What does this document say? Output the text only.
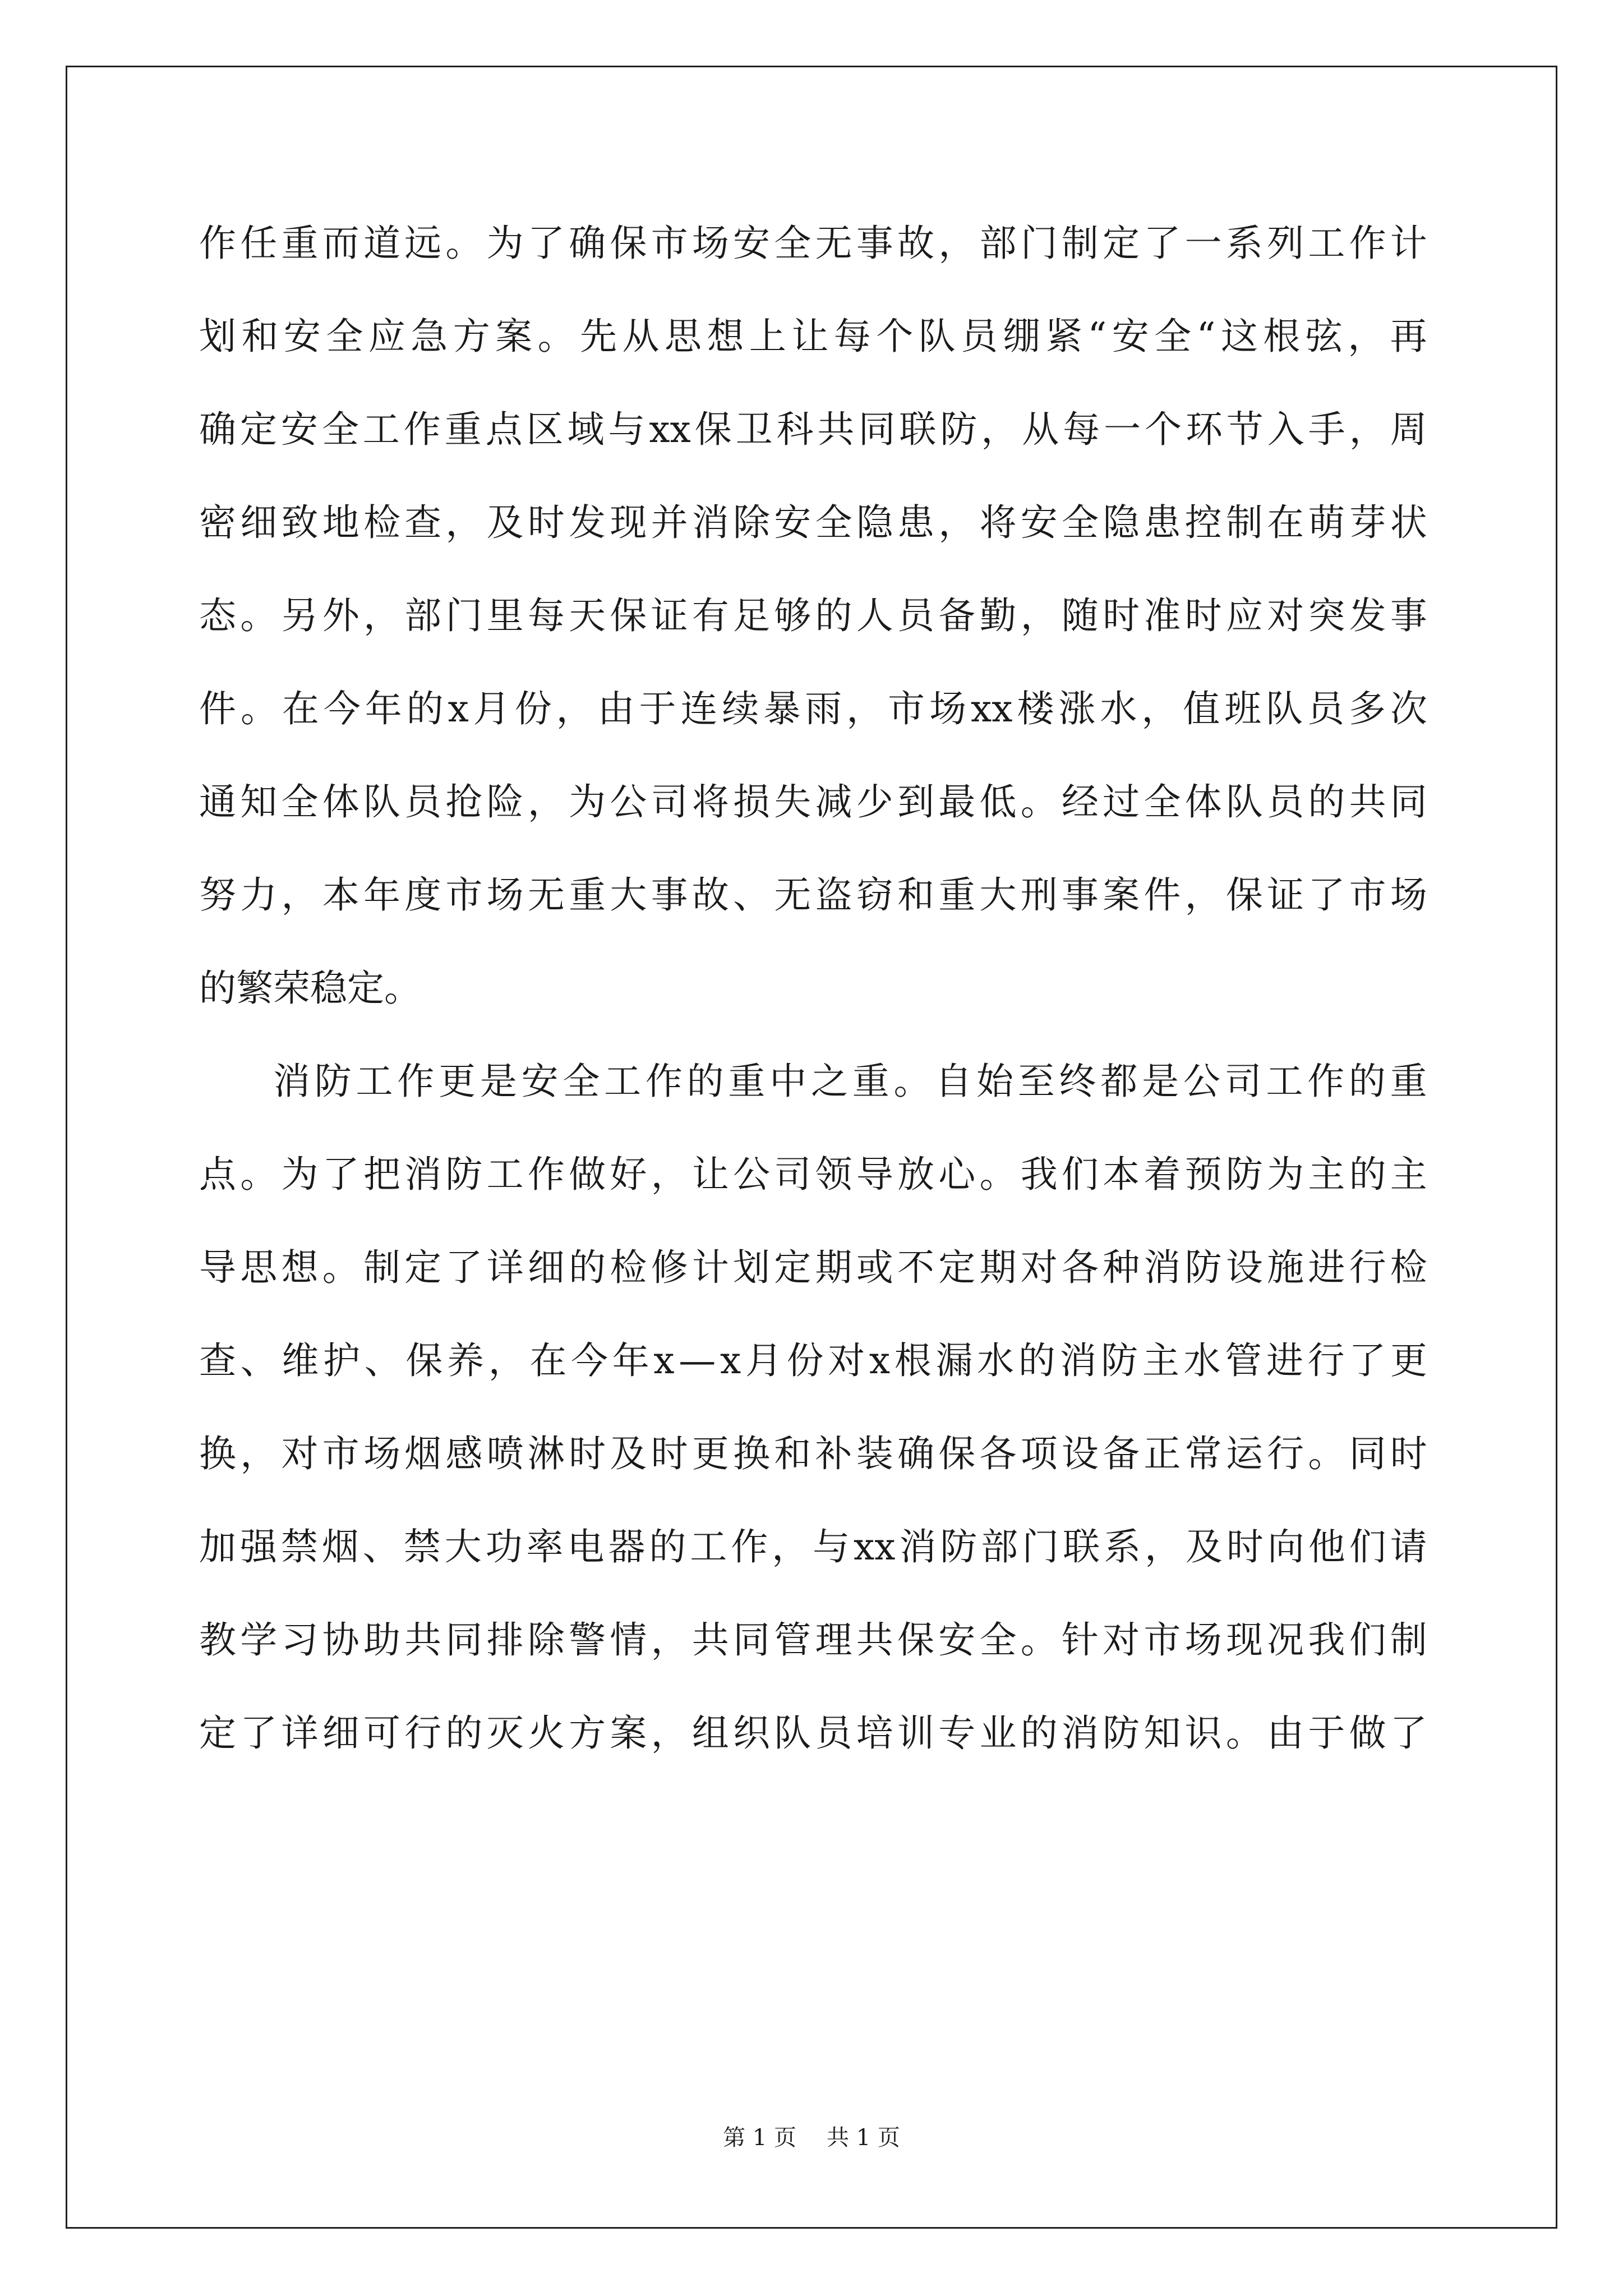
作 任 重 而 道 远 。 为 了 确 保 市 场 安 全 无 事 故 ， 部 门 制 定 了 一 系 列 工 作 计
划 和 安 全 应 急 方 案 。 先 从 思 想 上 让 每 个 队 员 绷 紧 “ 安 全 “ 这 根 弦 ， 再
确 定 安 全 工 作 重 点 区 域 与 xx 保 卫 科 共 同 联 防 ， 从 每 一 个 环 节 入 手 ， 周
密 细 致 地 检 查 ， 及 时 发 现 并 消 除 安 全 隐 患 ， 将 安 全 隐 患 控 制 在 萌 芽 状
态 。 另 外 ， 部 门 里 每 天 保 证 有 足 够 的 人 员 备 勤 ， 随 时 准 时 应 对 突 发 事
件 。 在 今 年 的 x 月 份 ， 由 于 连 续 暴 雨 ， 市 场 xx 楼 涨 水 ， 值 班 队 员 多 次
通 知 全 体 队 员 抢 险 ， 为 公 司 将 损 失 减 少 到 最 低 。 经 过 全 体 队 员 的 共 同
努 力 ， 本 年 度 市 场 无 重 大 事 故 、 无 盗 窃 和 重 大 刑 事 案 件 ， 保 证 了 市 场
的繁荣稳定。
消 防 工 作 更 是 安 全 工 作 的 重 中 之 重 。 自 始 至 终 都 是 公 司 工 作 的 重
点 。 为 了 把 消 防 工 作 做 好 ， 让 公 司 领 导 放 心 。 我 们 本 着 预 防 为 主 的 主
导 思 想 。 制 定 了 详 细 的 检 修 计 划 定 期 或 不 定 期 对 各 种 消 防 设 施 进 行 检
查 、 维 护 、 保 养 ， 在 今 年 x — x 月 份 对 x 根 漏 水 的 消 防 主 水 管 进 行 了 更
换 ， 对 市 场 烟 感 喷 淋 时 及 时 更 换 和 补 装 确 保 各 项 设 备 正 常 运 行 。 同 时
加 强 禁 烟 、 禁 大 功 率 电 器 的 工 作 ， 与 xx 消 防 部 门 联 系 ， 及 时 向 他 们 请
教 学 习 协 助 共 同 排 除 警 情 ， 共 同 管 理 共 保 安 全 。 针 对 市 场 现 况 我 们 制
定 了 详 细 可 行 的 灭 火 方 案 ， 组 织 队 员 培 训 专 业 的 消 防 知 识 。 由 于 做 了
第 1 页 共 1 页
